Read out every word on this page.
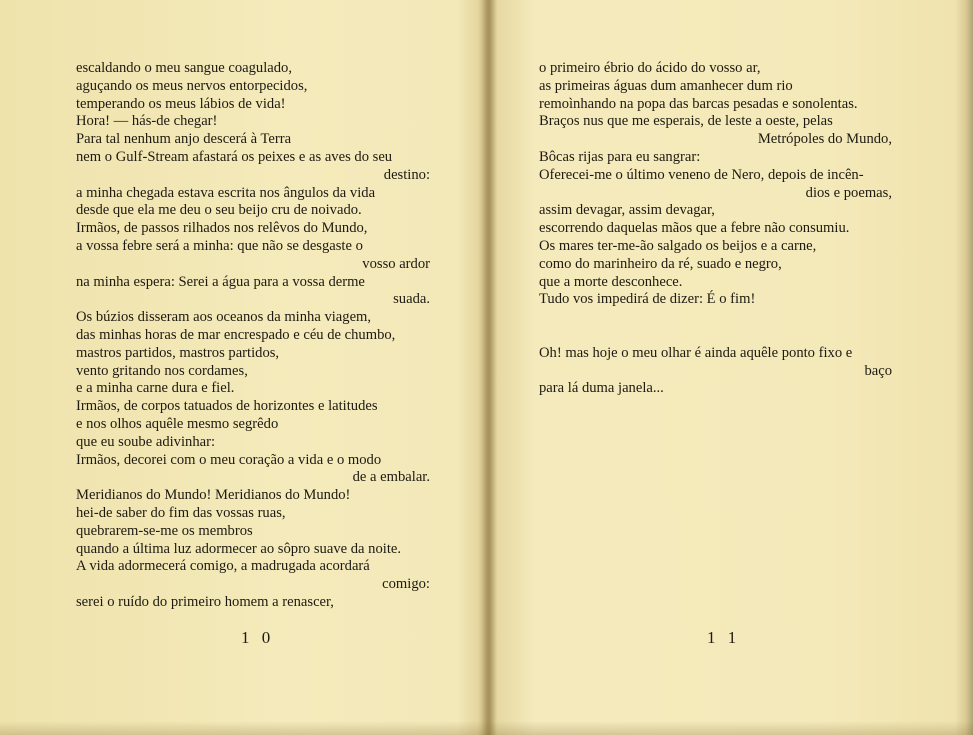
escaldando o meu sangue coagulado,
aguçando os meus nervos entorpecidos,
temperando os meus lábios de vida!
Hora! — hás-de chegar!
Para tal nenhum anjo descerá à Terra
nem o Gulf-Stream afastará os peixes e as aves do seu
destino:
a minha chegada estava escrita nos ângulos da vida
desde que ela me deu o seu beijo cru de noivado.
Irmãos, de passos rilhados nos relêvos do Mundo,
a vossa febre será a minha: que não se desgaste o
vosso ardor
na minha espera: Serei a água para a vossa derme
suada.
Os búzios disseram aos oceanos da minha viagem,
das minhas horas de mar encrespado e céu de chumbo,
mastros partidos, mastros partidos,
vento gritando nos cordames,
e a minha carne dura e fiel.
Irmãos, de corpos tatuados de horizontes e latitudes
e nos olhos aquêle mesmo segrêdo
que eu soube adivinhar:
Irmãos, decorei com o meu coração a vida e o modo
de a embalar.
Meridianos do Mundo! Meridianos do Mundo!
hei-de saber do fim das vossas ruas,
quebrarem-se-me os membros
quando a última luz adormecer ao sôpro suave da noite.
A vida adormecerá comigo, a madrugada acordará
comigo:
serei o ruído do primeiro homem a renascer,
1 0
o primeiro ébrio do ácido do vosso ar,
as primeiras águas dum amanhecer dum rio
remoìnhando na popa das barcas pesadas e sonolentas.
Braços nus que me esperais, de leste a oeste, pelas
Metrópoles do Mundo,
Bôcas rijas para eu sangrar:
Oferecei-me o último veneno de Nero, depois de incên-
dios e poemas,
assim devagar, assim devagar,
escorrendo daquelas mãos que a febre não consumiu.
Os mares ter-me-ão salgado os beijos e a carne,
como do marinheiro da ré, suado e negro,
que a morte desconhece.
Tudo vos impedirá de dizer: É o fim!
Oh! mas hoje o meu olhar é ainda aquêle ponto fixo e
baço
para lá duma janela...
1 1
